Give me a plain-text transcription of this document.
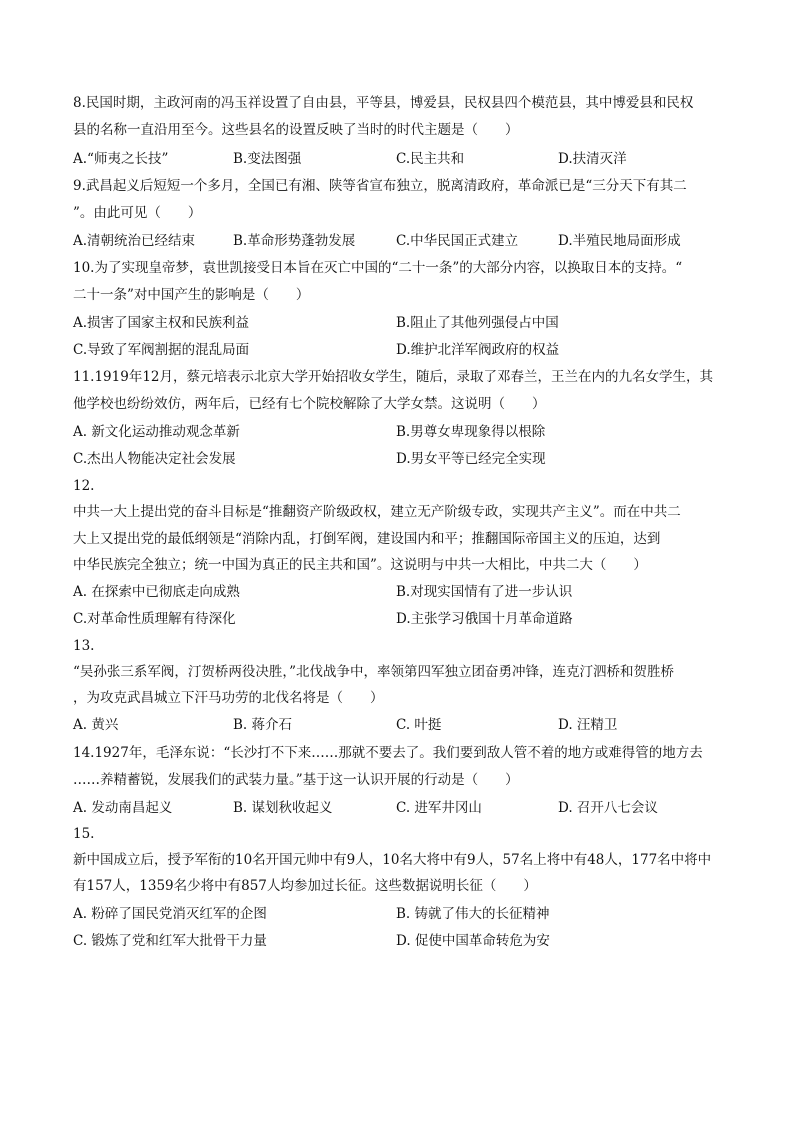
8.民国时期，主政河南的冯玉祥设置了自由县，平等县，博爱县，民权县四个模范县，其中博爱县和民权
县的名称一直沿用至今。这些县名的设置反映了当时的时代主题是（　　）
A.“师夷之长技”	B.变法图强	C.民主共和	D.扶清灭洋
9.武昌起义后短短一个多月，全国已有湘、陕等省宣布独立，脱离清政府，革命派已是“三分天下有其二
”。由此可见（　　）
A.清朝统治已经结束	B.革命形势蓬勃发展	C.中华民国正式建立	D.半殖民地局面形成
10.为了实现皇帝梦，袁世凯接受日本旨在灭亡中国的“二十一条”的大部分内容，以换取日本的支持。“
二十一条”对中国产生的影响是（　　）
A.损害了国家主权和民族利益	B.阻止了其他列强侵占中国
C.导致了军阀割据的混乱局面	D.维护北洋军阀政府的权益
11.1919年12月，蔡元培表示北京大学开始招收女学生，随后，录取了邓春兰，王兰在内的九名女学生，其
他学校也纷纷效仿，两年后，已经有七个院校解除了大学女禁。这说明（　　）
A. 新文化运动推动观念革新	B.男尊女卑现象得以根除
C.杰出人物能决定社会发展	D.男女平等已经完全实现
12.
中共一大上提出党的奋斗目标是“推翻资产阶级政权，建立无产阶级专政，实现共产主义”。而在中共二
大上又提出党的最低纲领是“消除内乱，打倒军阀，建设国内和平；推翻国际帝国主义的压迫，达到
中华民族完全独立；统一中国为真正的民主共和国”。这说明与中共一大相比，中共二大（　　）
A. 在探索中已彻底走向成熟	B.对现实国情有了进一步认识
C.对革命性质理解有待深化	D.主张学习俄国十月革命道路
13.
“吴孙张三系军阀，汀贺桥两役决胜，”北伐战争中，率领第四军独立团奋勇冲锋，连克汀泗桥和贺胜桥
，为攻克武昌城立下汗马功劳的北伐名将是（　　）
A. 黄兴	B. 蒋介石	C. 叶挺	D. 汪精卫
14.1927年，毛泽东说：“长沙打不下来……那就不要去了。我们要到敌人管不着的地方或难得管的地方去
……养精蓄锐，发展我们的武装力量。”基于这一认识开展的行动是（　　）
A. 发动南昌起义	B. 谋划秋收起义	C. 进军井冈山	D. 召开八七会议
15.
新中国成立后，授予军衔的10名开国元帅中有9人，10名大将中有9人，57名上将中有48人，177名中将中
有157人，1359名少将中有857人均参加过长征。这些数据说明长征（　　）
A. 粉碎了国民党消灭红军的企图	B. 铸就了伟大的长征精神
C. 锻炼了党和红军大批骨干力量	D. 促使中国革命转危为安
